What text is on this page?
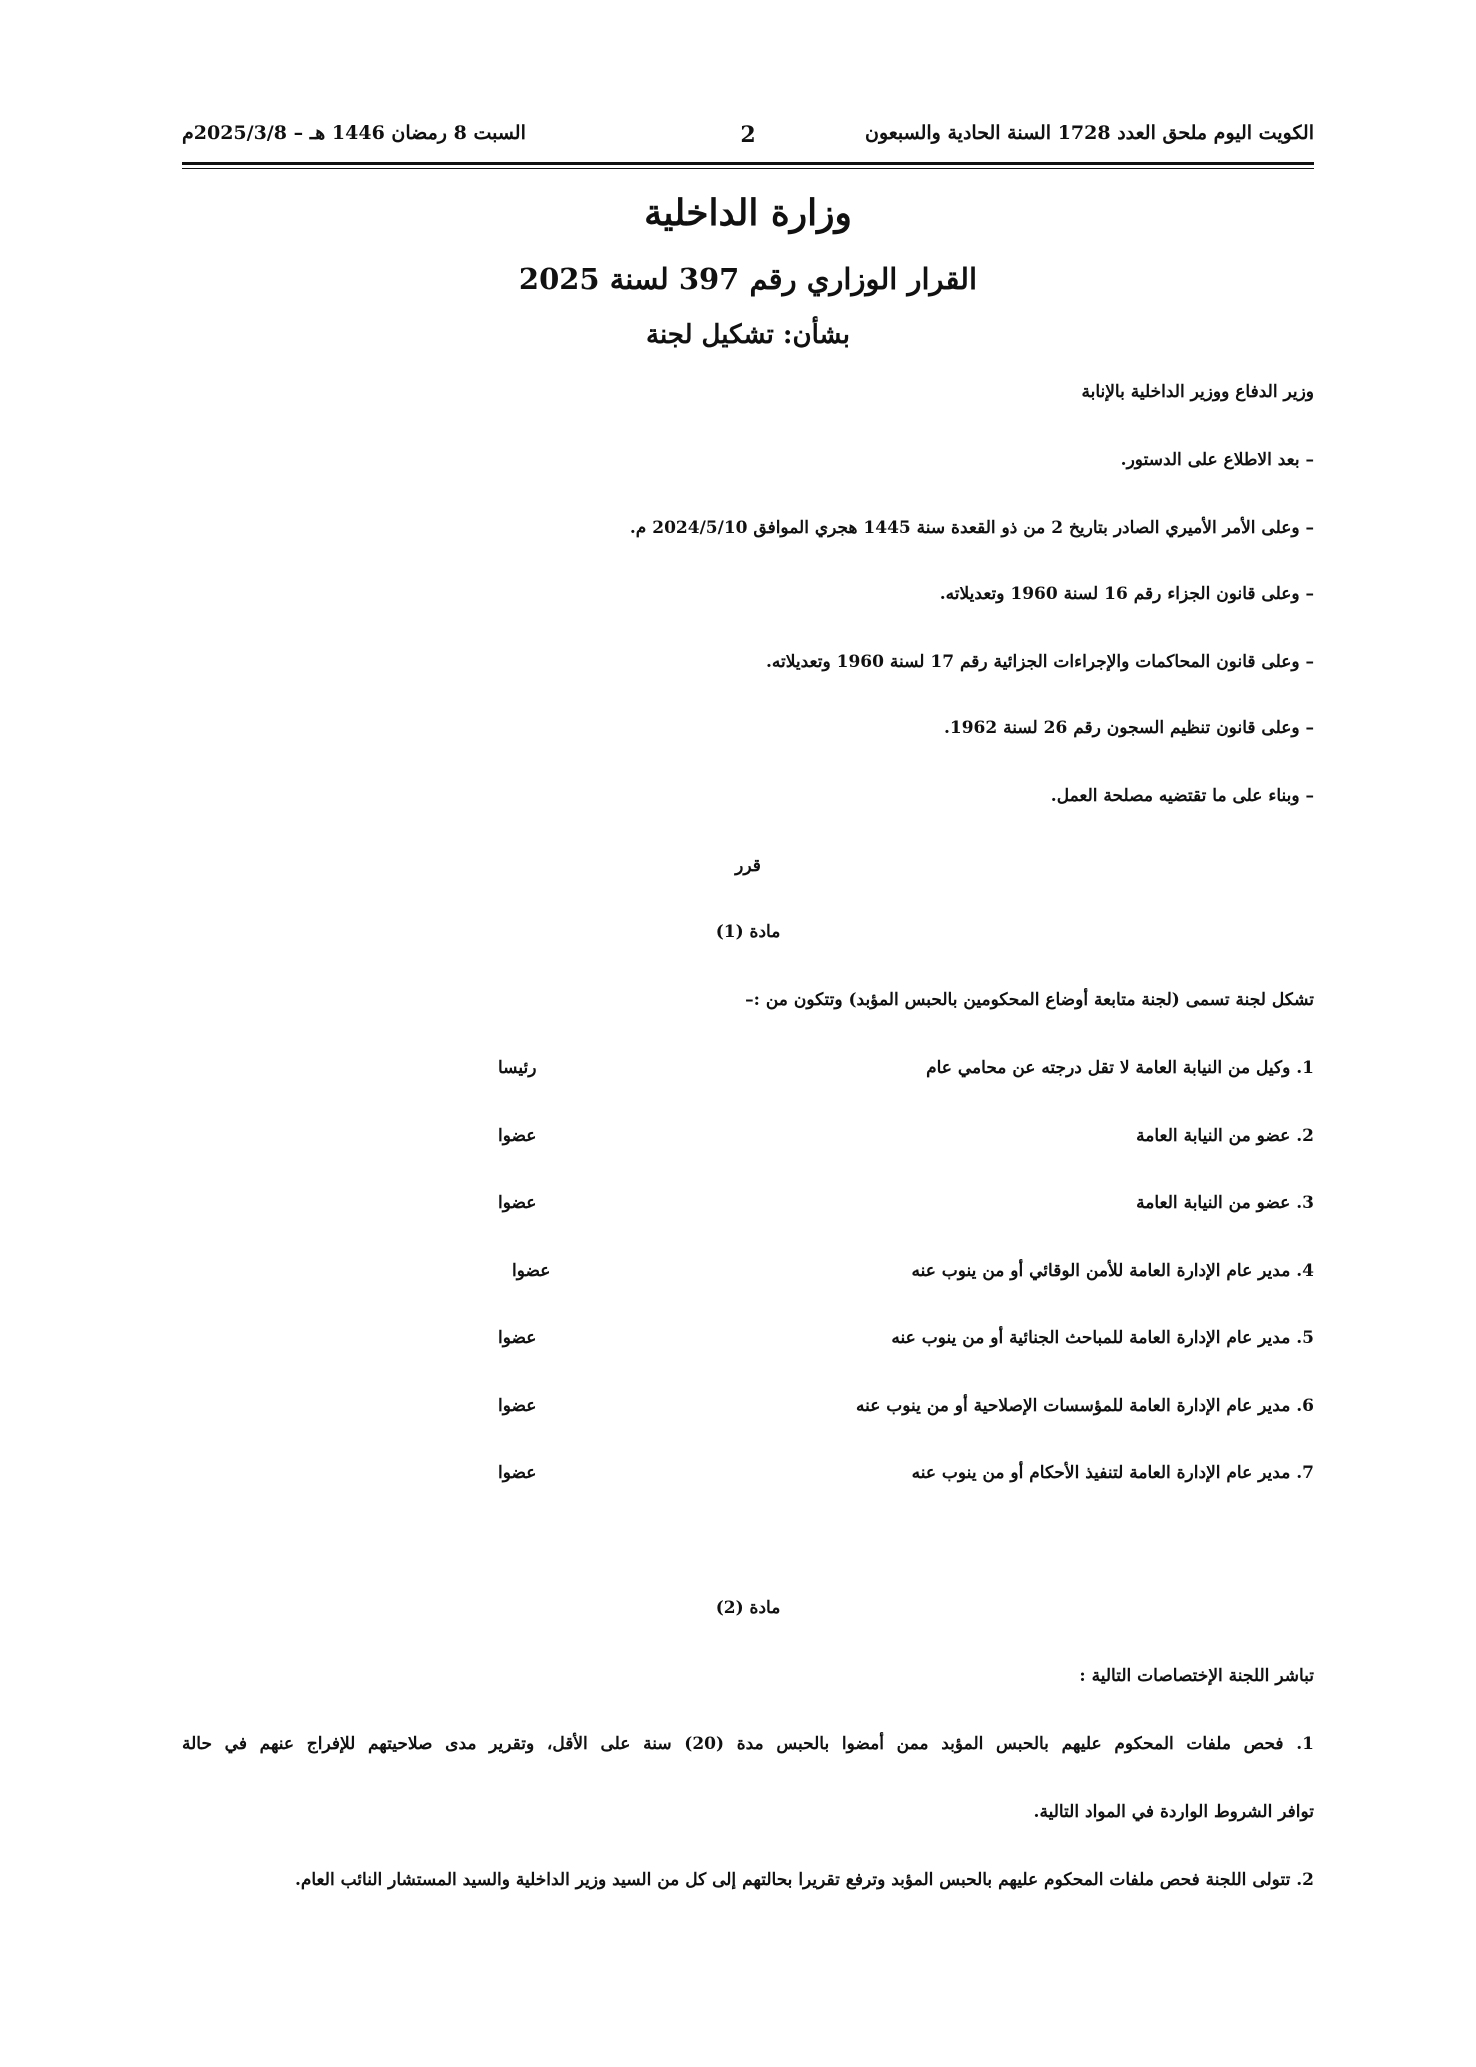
الكويت اليوم ملحق العدد 1728 السنة الحادية والسبعون
2
السبت 8 رمضان 1446 هـ – 2025/3/8م
وزارة الداخلية
القرار الوزاري رقم 397 لسنة 2025
بشأن: تشكيل لجنة
وزير الدفاع ووزير الداخلية بالإنابة
– بعد الاطلاع على الدستور.
– وعلى الأمر الأميري الصادر بتاريخ 2 من ذو القعدة سنة 1445 هجري الموافق 2024/5/10 م.
– وعلى قانون الجزاء رقم 16 لسنة 1960 وتعديلاته.
– وعلى قانون المحاكمات والإجراءات الجزائية رقم 17 لسنة 1960 وتعديلاته.
– وعلى قانون تنظيم السجون رقم 26 لسنة 1962.
– وبناء على ما تقتضيه مصلحة العمل.
قرر
مادة (1)
تشكل لجنة تسمى (لجنة متابعة أوضاع المحكومين بالحبس المؤبد) وتتكون من :–
1. وكيل من النيابة العامة لا تقل درجته عن محامي عام
رئيسا
2. عضو من النيابة العامة
عضوا
3. عضو من النيابة العامة
عضوا
4. مدير عام الإدارة العامة للأمن الوقائي أو من ينوب عنه
عضوا
5. مدير عام الإدارة العامة للمباحث الجنائية أو من ينوب عنه
عضوا
6. مدير عام الإدارة العامة للمؤسسات الإصلاحية أو من ينوب عنه
عضوا
7. مدير عام الإدارة العامة لتنفيذ الأحكام أو من ينوب عنه
عضوا
مادة (2)
تباشر اللجنة الإختصاصات التالية :
1. فحص ملفات المحكوم عليهم بالحبس المؤبد ممن أمضوا بالحبس مدة (20) سنة على الأقل، وتقرير مدى صلاحيتهم للإفراج عنهم في حالة
توافر الشروط الواردة في المواد التالية.
2. تتولى اللجنة فحص ملفات المحكوم عليهم بالحبس المؤبد وترفع تقريرا بحالتهم إلى كل من السيد وزير الداخلية والسيد المستشار النائب العام.
